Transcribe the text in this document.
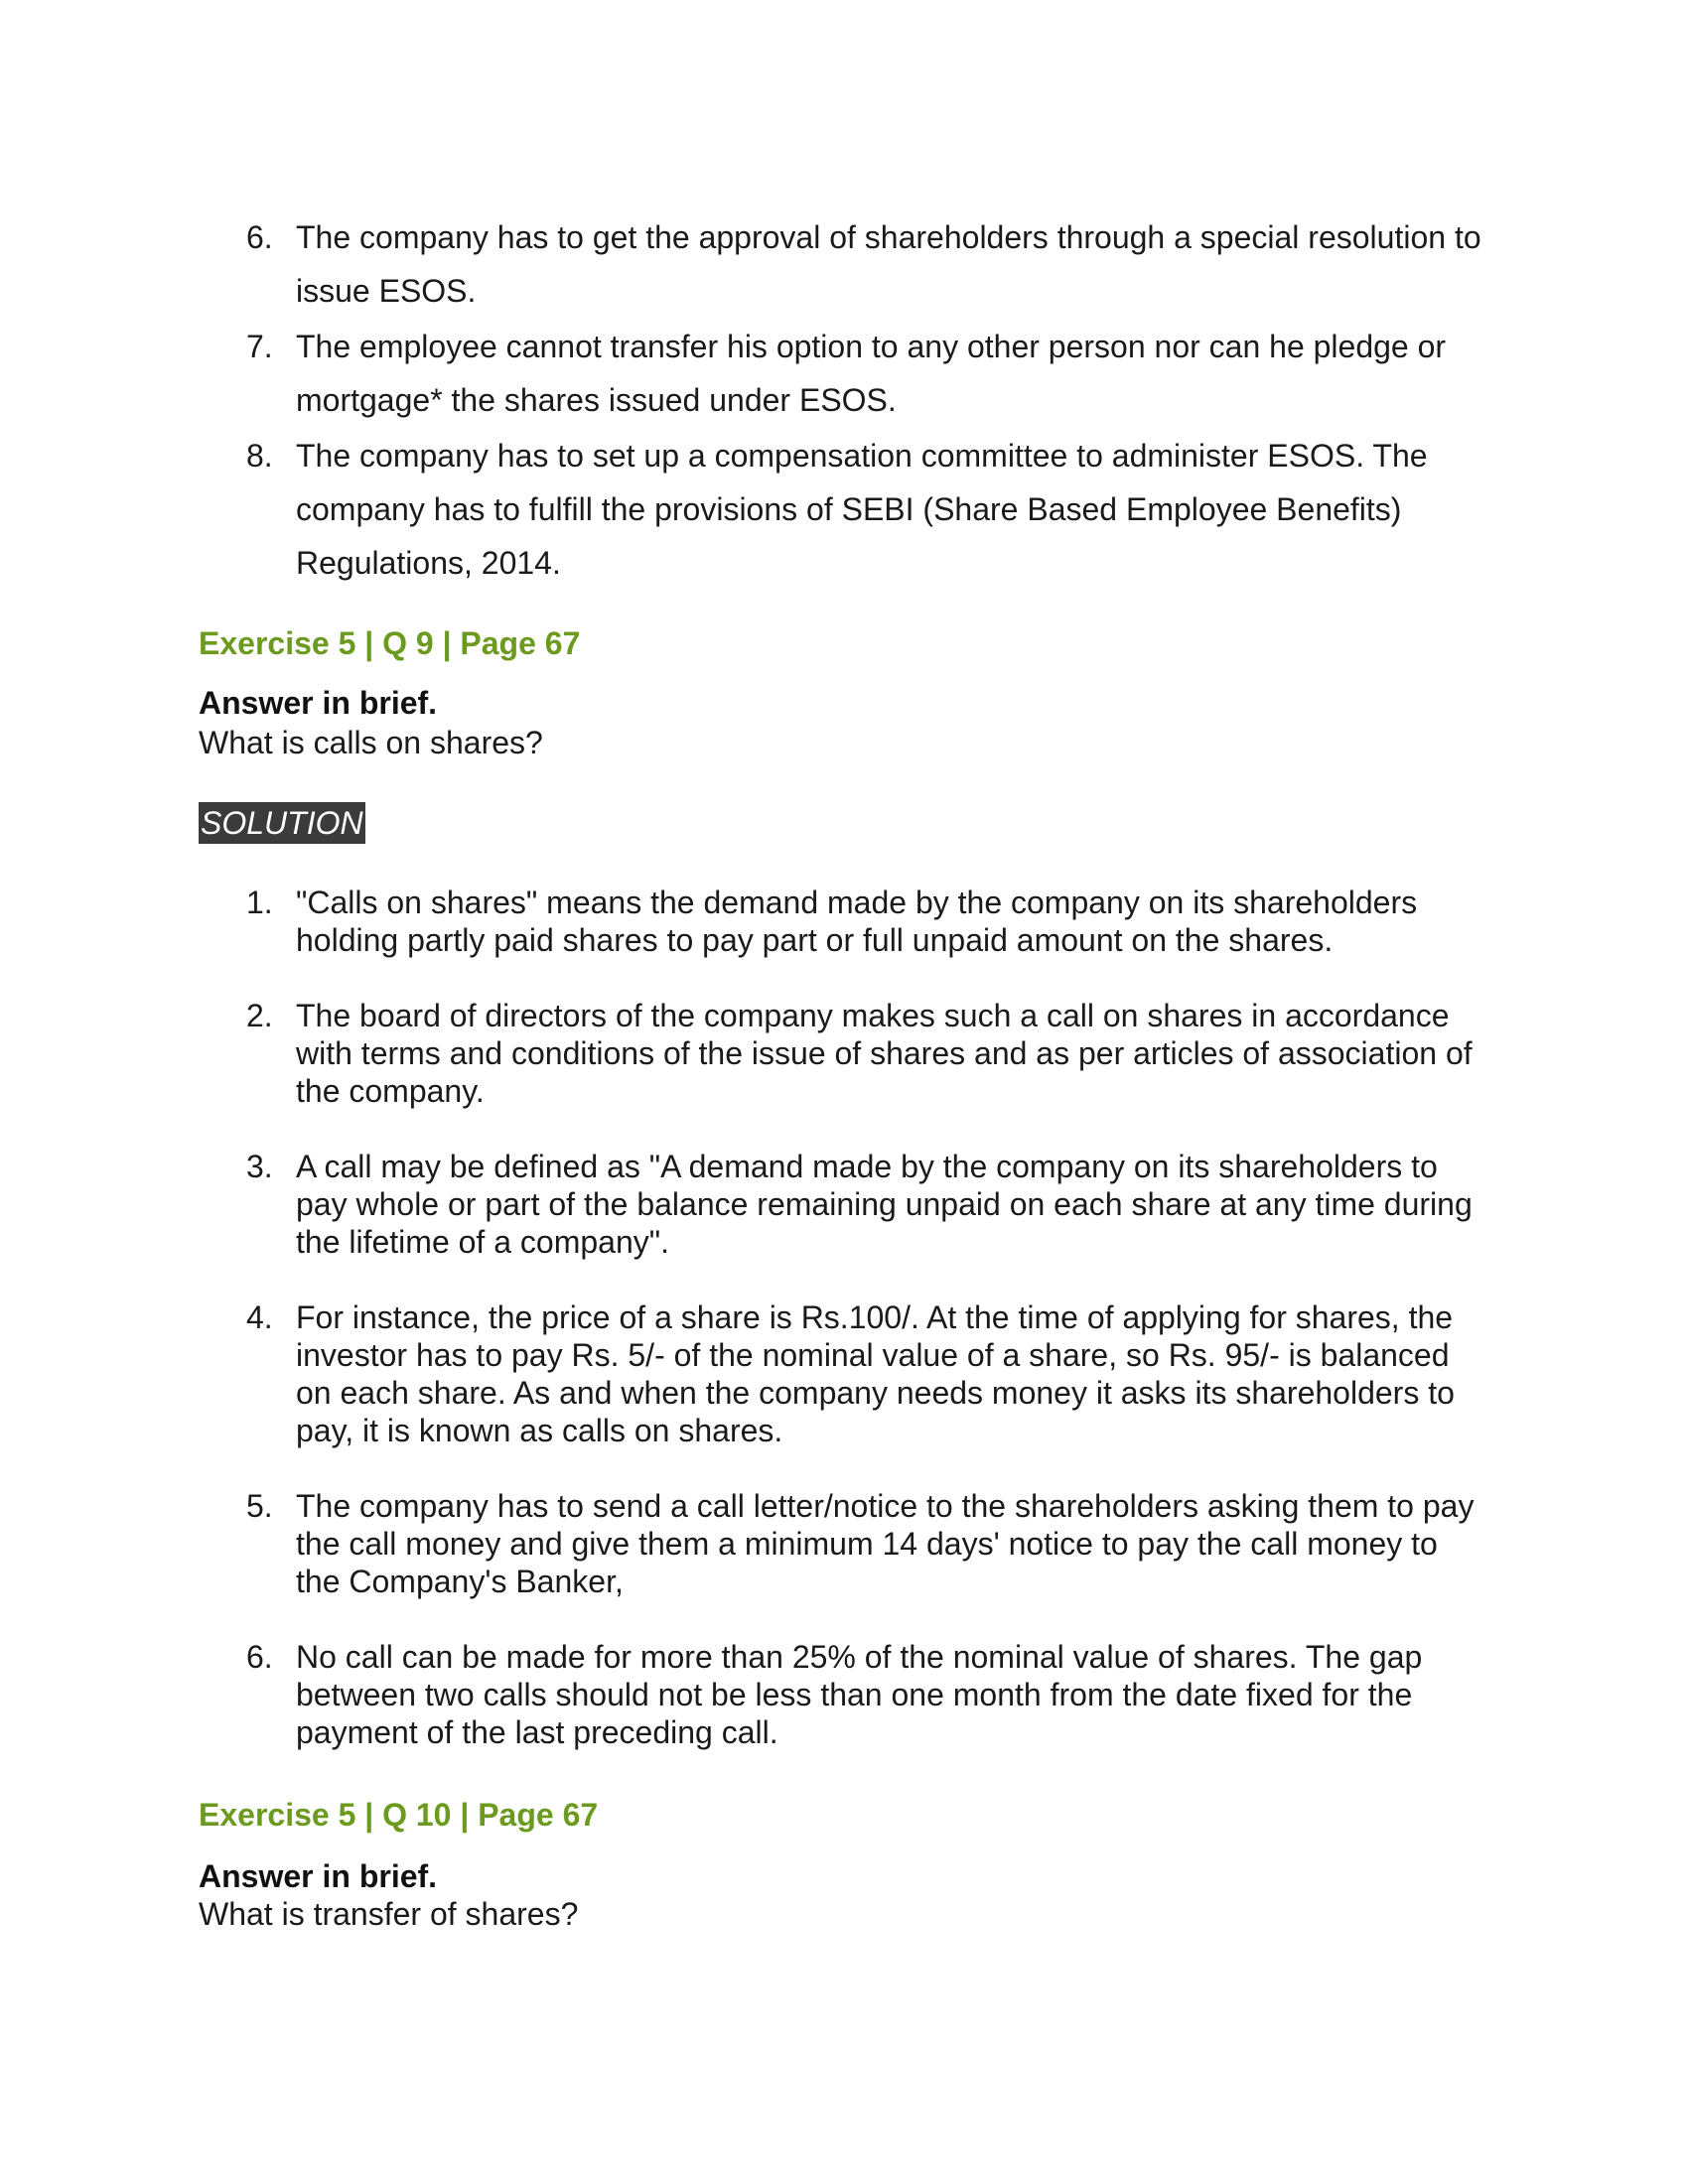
6. The company has to get the approval of shareholders through a special resolution to issue ESOS.
7. The employee cannot transfer his option to any other person nor can he pledge or mortgage* the shares issued under ESOS.
8. The company has to set up a compensation committee to administer ESOS. The company has to fulfill the provisions of SEBI (Share Based Employee Benefits) Regulations, 2014.
Exercise 5 | Q 9 | Page 67
Answer in brief.
What is calls on shares?
SOLUTION
1. "Calls on shares" means the demand made by the company on its shareholders holding partly paid shares to pay part or full unpaid amount on the shares.
2. The board of directors of the company makes such a call on shares in accordance with terms and conditions of the issue of shares and as per articles of association of the company.
3. A call may be defined as "A demand made by the company on its shareholders to pay whole or part of the balance remaining unpaid on each share at any time during the lifetime of a company".
4. For instance, the price of a share is Rs.100/. At the time of applying for shares, the investor has to pay Rs. 5/- of the nominal value of a share, so Rs. 95/- is balanced on each share. As and when the company needs money it asks its shareholders to pay, it is known as calls on shares.
5. The company has to send a call letter/notice to the shareholders asking them to pay the call money and give them a minimum 14 days' notice to pay the call money to the Company's Banker,
6. No call can be made for more than 25% of the nominal value of shares. The gap between two calls should not be less than one month from the date fixed for the payment of the last preceding call.
Exercise 5 | Q 10 | Page 67
Answer in brief.
What is transfer of shares?
